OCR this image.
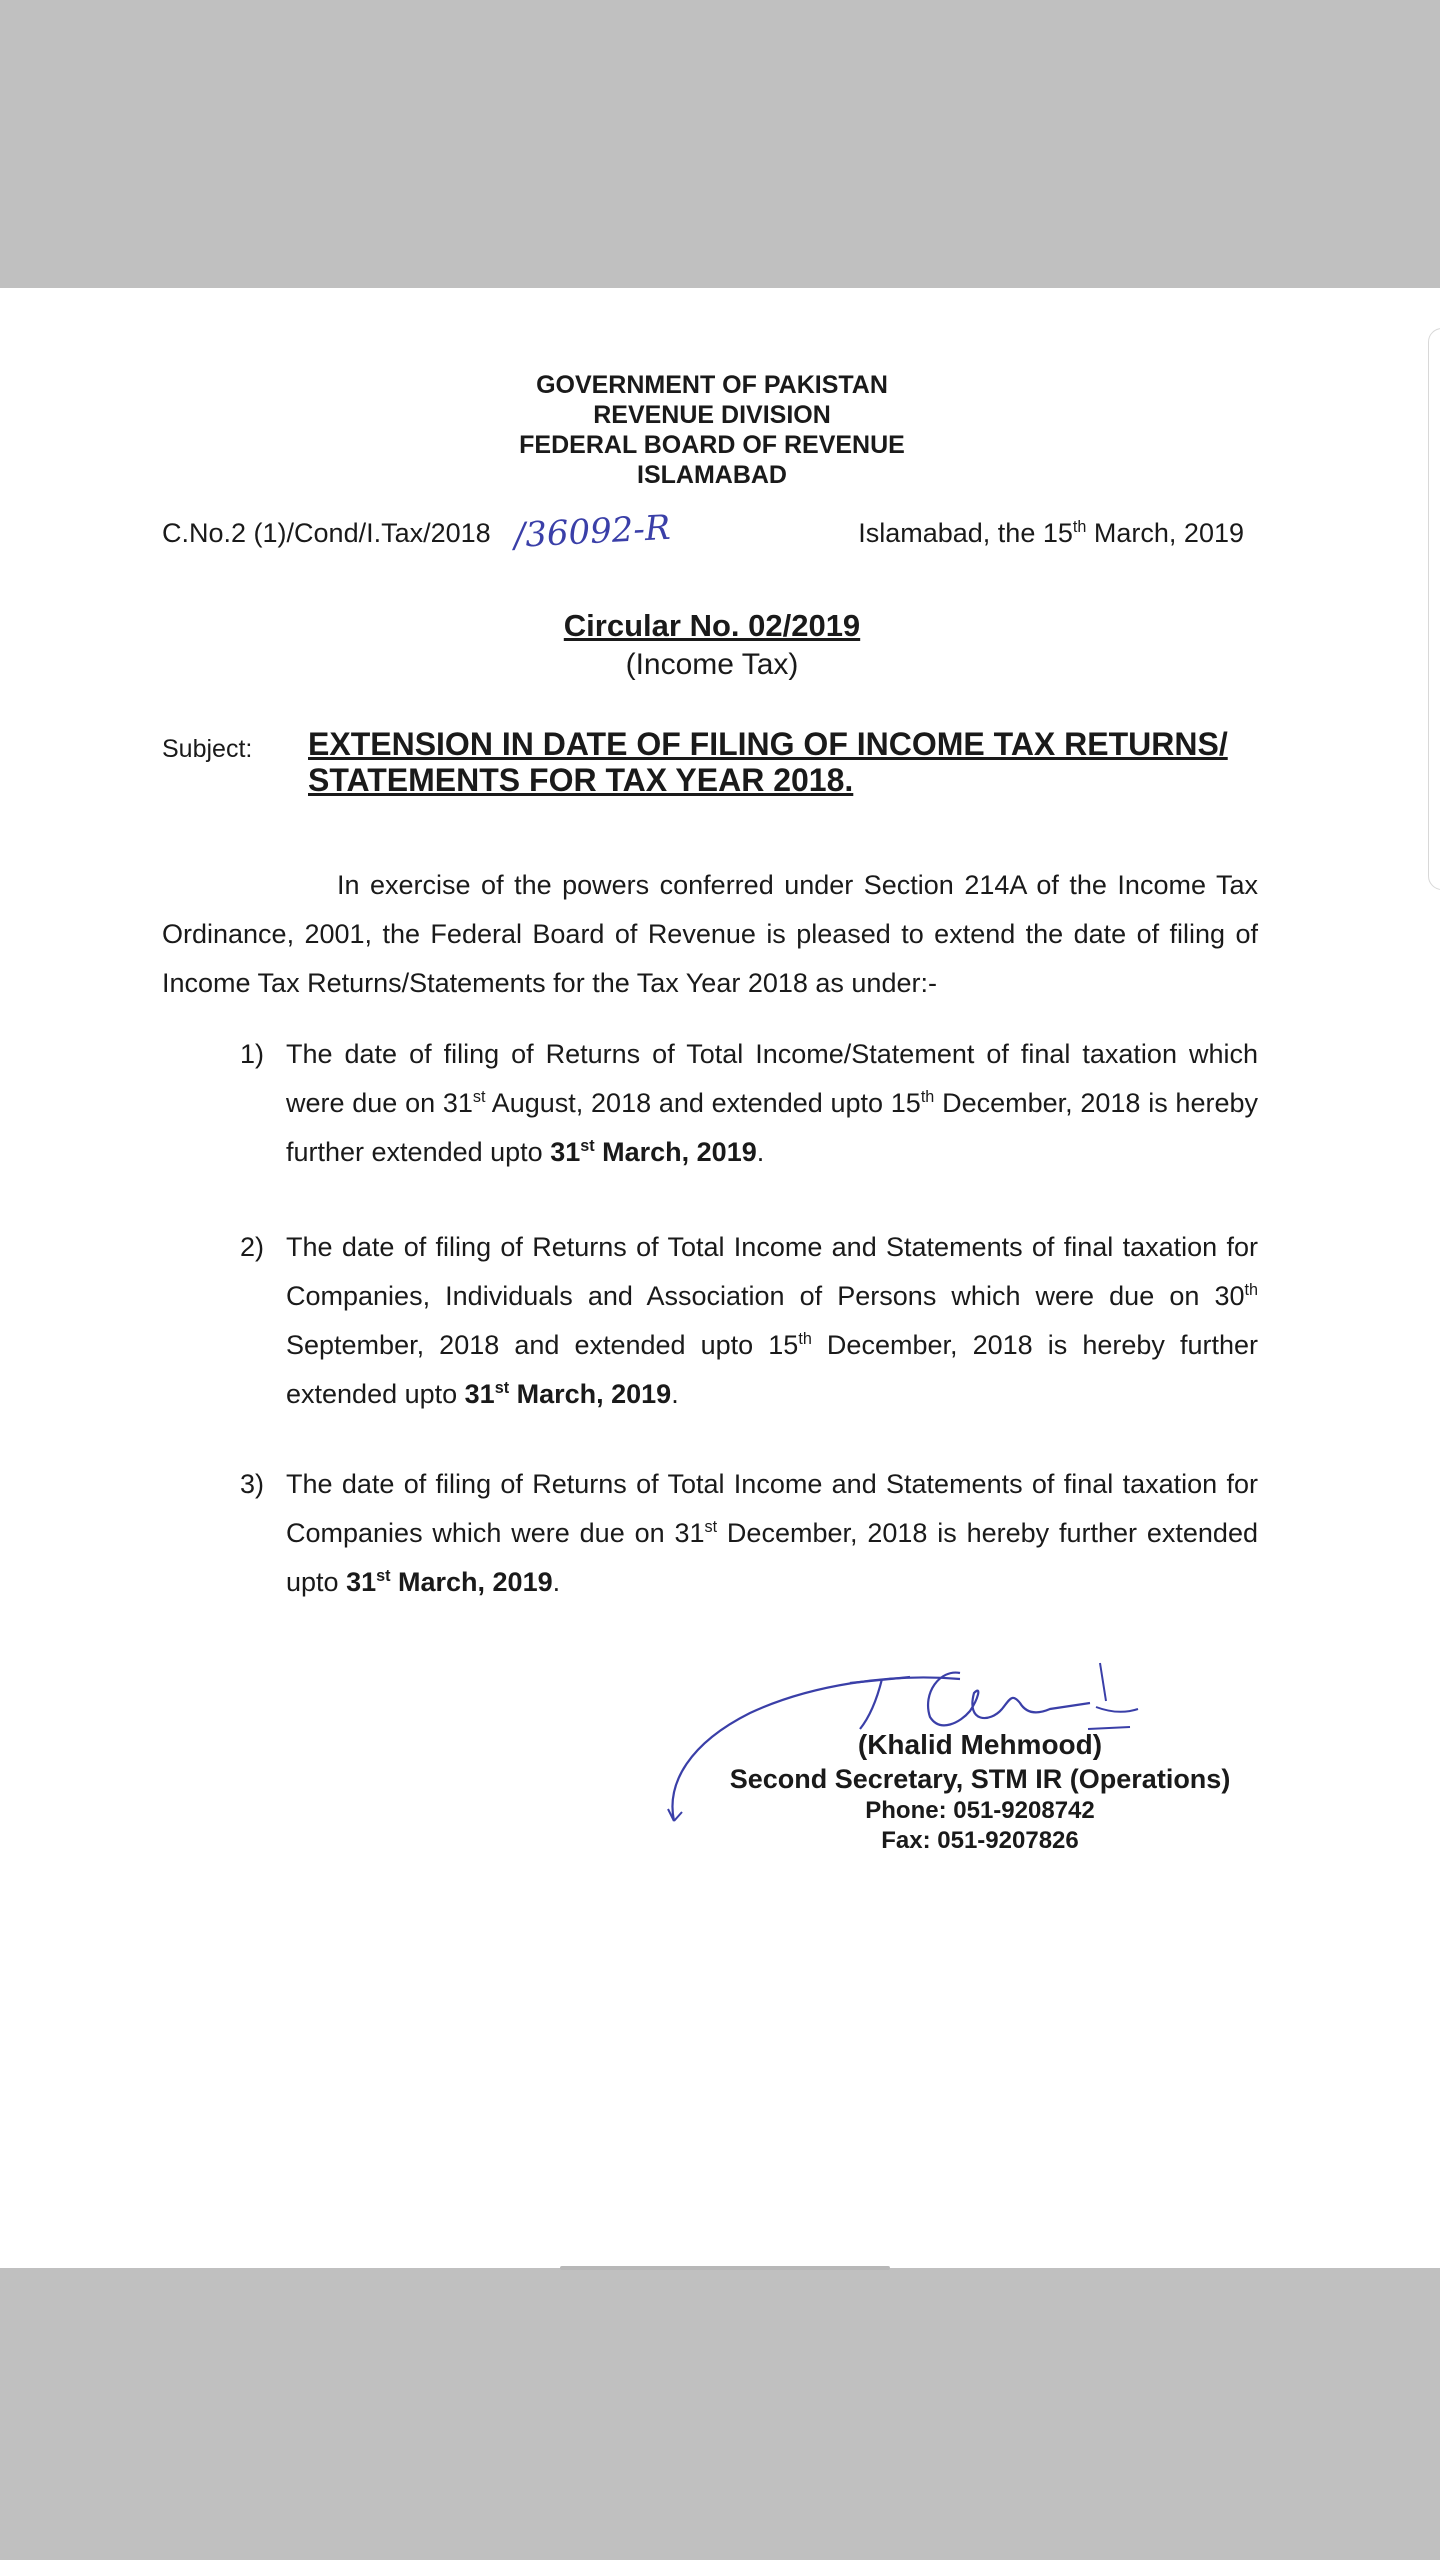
GOVERNMENT OF PAKISTAN
REVENUE DIVISION
FEDERAL BOARD OF REVENUE
ISLAMABAD
C.No.2 (1)/Cond/I.Tax/2018 /36092-R	Islamabad, the 15th March, 2019
Circular No. 02/2019
(Income Tax)
Subject: EXTENSION IN DATE OF FILING OF INCOME TAX RETURNS/
STATEMENTS FOR TAX YEAR 2018.
In exercise of the powers conferred under Section 214A of the Income Tax Ordinance, 2001, the Federal Board of Revenue is pleased to extend the date of filing of Income Tax Returns/Statements for the Tax Year 2018 as under:-
1) The date of filing of Returns of Total Income/Statement of final taxation which were due on 31st August, 2018 and extended upto 15th December, 2018 is hereby further extended upto 31st March, 2019.
2) The date of filing of Returns of Total Income and Statements of final taxation for Companies, Individuals and Association of Persons which were due on 30th September, 2018 and extended upto 15th December, 2018 is hereby further extended upto 31st March, 2019.
3) The date of filing of Returns of Total Income and Statements of final taxation for Companies which were due on 31st December, 2018 is hereby further extended upto 31st March, 2019.
(Khalid Mehmood)
Second Secretary, STM IR (Operations)
Phone: 051-9208742
Fax: 051-9207826
